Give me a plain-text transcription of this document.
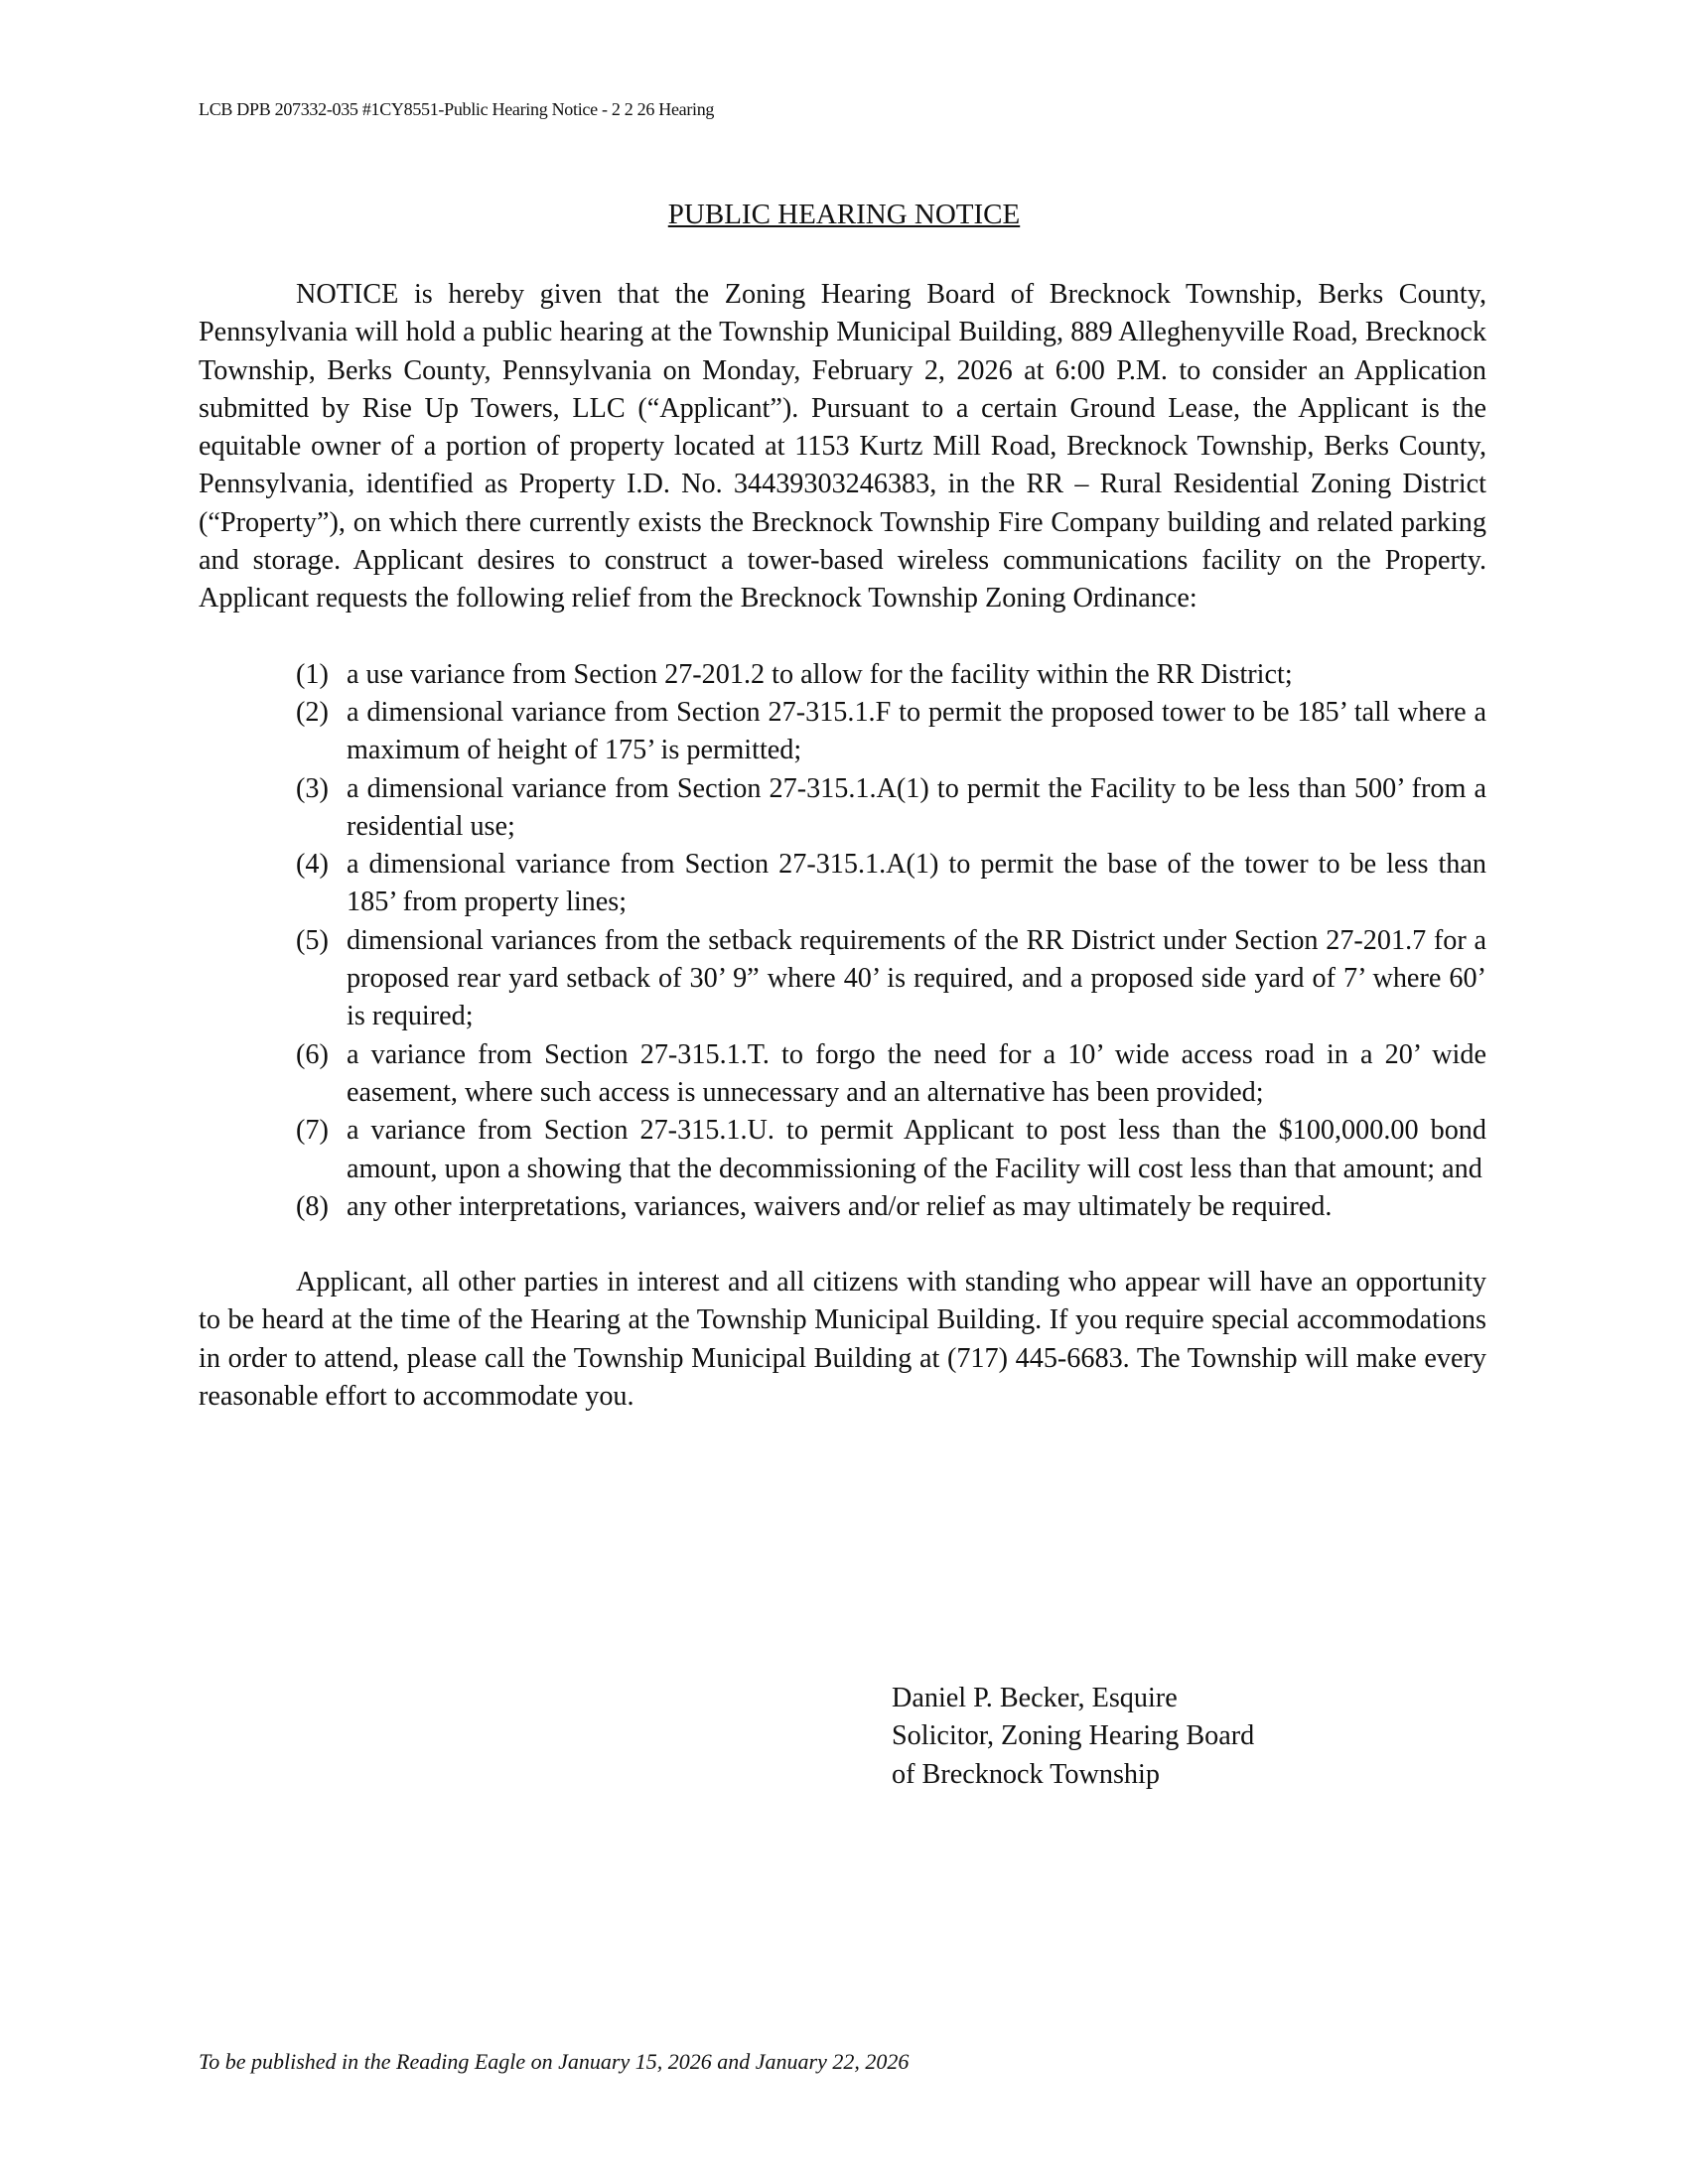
LCB DPB 207332-035 #1CY8551-Public Hearing Notice - 2 2 26 Hearing
PUBLIC HEARING NOTICE

NOTICE is hereby given that the Zoning Hearing Board of Brecknock Township, Berks County, Pennsylvania will hold a public hearing at the Township Municipal Building, 889 Alleghenyville Road, Brecknock Township, Berks County, Pennsylvania on Monday, February 2, 2026 at 6:00 P.M. to consider an Application submitted by Rise Up Towers, LLC (“Applicant”). Pursuant to a certain Ground Lease, the Applicant is the equitable owner of a portion of property located at 1153 Kurtz Mill Road, Brecknock Township, Berks County, Pennsylvania, identified as Property I.D. No. 34439303246383, in the RR – Rural Residential Zoning District (“Property”), on which there currently exists the Brecknock Township Fire Company building and related parking and storage. Applicant desires to construct a tower-based wireless communications facility on the Property. Applicant requests the following relief from the Brecknock Township Zoning Ordinance:

(1) a use variance from Section 27-201.2 to allow for the facility within the RR District;
(2) a dimensional variance from Section 27-315.1.F to permit the proposed tower to be 185’ tall where a maximum of height of 175’ is permitted;
(3) a dimensional variance from Section 27-315.1.A(1) to permit the Facility to be less than 500’ from a residential use;
(4) a dimensional variance from Section 27-315.1.A(1) to permit the base of the tower to be less than 185’ from property lines;
(5) dimensional variances from the setback requirements of the RR District under Section 27-201.7 for a proposed rear yard setback of 30’ 9” where 40’ is required, and a proposed side yard of 7’ where 60’ is required;
(6) a variance from Section 27-315.1.T. to forgo the need for a 10’ wide access road in a 20’ wide easement, where such access is unnecessary and an alternative has been provided;
(7) a variance from Section 27-315.1.U. to permit Applicant to post less than the $100,000.00 bond amount, upon a showing that the decommissioning of the Facility will cost less than that amount; and
(8) any other interpretations, variances, waivers and/or relief as may ultimately be required.

Applicant, all other parties in interest and all citizens with standing who appear will have an opportunity to be heard at the time of the Hearing at the Township Municipal Building. If you require special accommodations in order to attend, please call the Township Municipal Building at (717) 445-6683. The Township will make every reasonable effort to accommodate you.

Daniel P. Becker, Esquire
Solicitor, Zoning Hearing Board
of Brecknock Township
To be published in the Reading Eagle on January 15, 2026 and January 22, 2026
